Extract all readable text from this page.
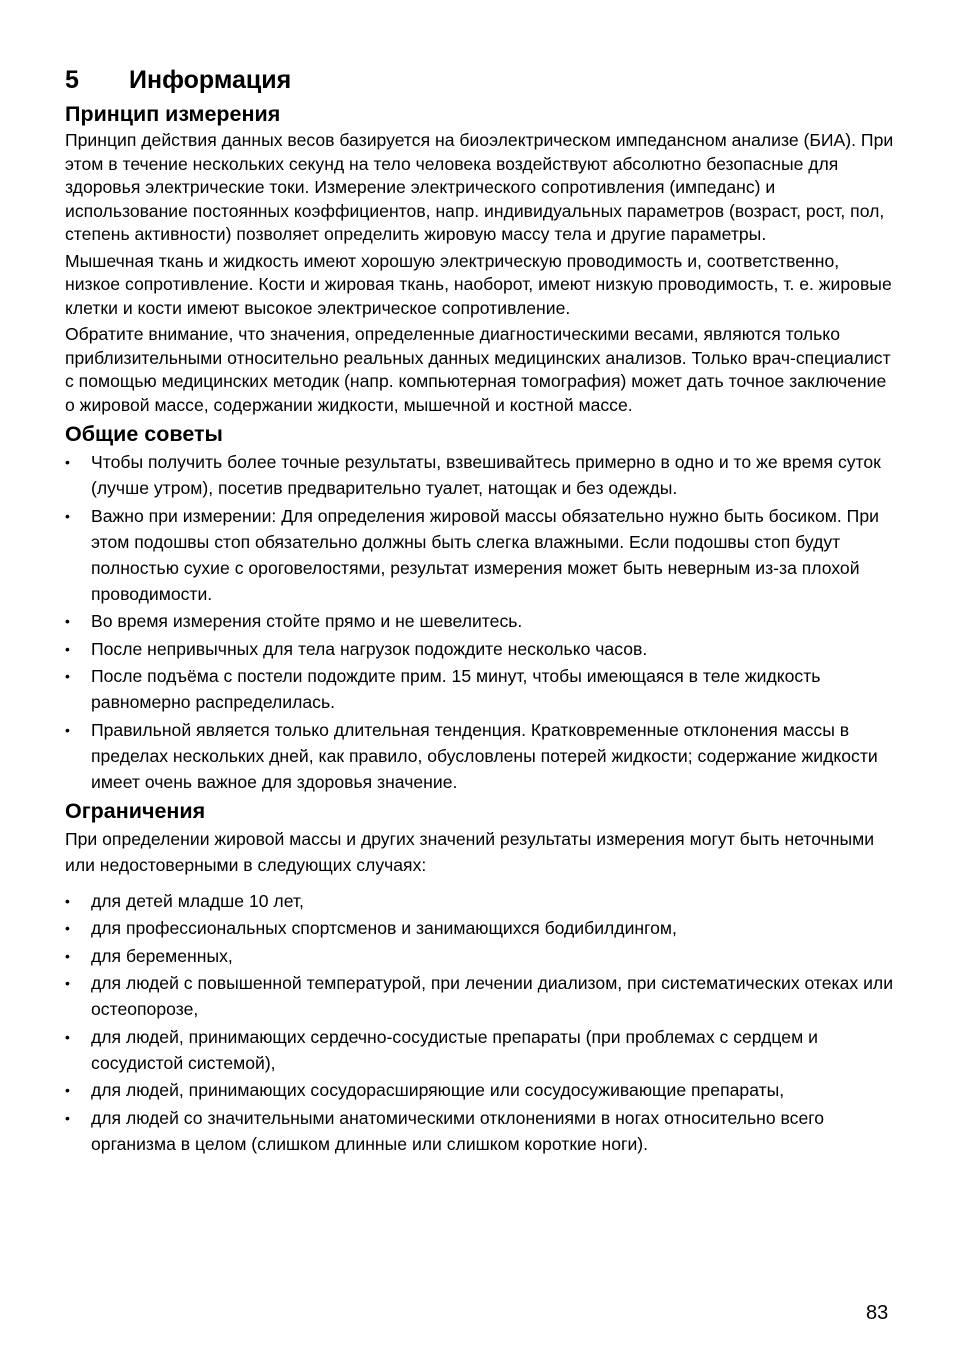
5	Информация
Принцип измерения

Принцип действия данных весов базируется на биоэлектрическом импедансном анализе (БИА). При этом в течение нескольких секунд на тело человека воздействуют абсолютно безопасные для здоровья электрические токи. Измерение электрического сопротивления (импеданс) и использование постоянных коэффициентов, напр. индивидуальных параметров (возраст, рост, пол, степень активности) позволяет определить жировую массу тела и другие параметры.

Мышечная ткань и жидкость имеют хорошую электрическую проводимость и, соответственно, низкое сопротивление. Кости и жировая ткань, наоборот, имеют низкую проводимость, т. е. жировые клетки и кости имеют высокое электрическое сопротивление.

Обратите внимание, что значения, определенные диагностическими весами, являются только приблизительными относительно реальных данных медицинских анализов. Только врач-специалист с помощью медицинских методик (напр. компьютерная томография) может дать точное заключение о жировой массе, содержании жидкости, мышечной и костной массе.

Общие советы
• Чтобы получить более точные результаты, взвешивайтесь примерно в одно и то же время суток (лучше утром), посетив предварительно туалет, натощак и без одежды.
• Важно при измерении: Для определения жировой массы обязательно нужно быть босиком. При этом подошвы стоп обязательно должны быть слегка влажными. Если подошвы стоп будут полностью сухие с ороговелостями, результат измерения может быть неверным из-за плохой проводимости.
• Во время измерения стойте прямо и не шевелитесь.
• После непривычных для тела нагрузок подождите несколько часов.
• После подъёма с постели подождите прим. 15 минут, чтобы имеющаяся в теле жидкость равномерно распределилась.
• Правильной является только длительная тенденция. Кратковременные отклонения массы в пределах нескольких дней, как правило, обусловлены потерей жидкости; содержание жидкости имеет очень важное для здоровья значение.
Ограничения

При определении жировой массы и других значений результаты измерения могут быть неточными или недостоверными в следующих случаях:

• для детей младше 10 лет,
• для профессиональных спортсменов и занимающихся бодибилдингом,
• для беременных,
• для людей с повышенной температурой, при лечении диализом, при систематических отеках или остеопорозе,
• для людей, принимающих сердечно-сосудистые препараты (при проблемах с сердцем и сосудистой системой),
• для людей, принимающих сосудорасширяющие или сосудосуживающие препараты,
• для людей со значительными анатомическими отклонениями в ногах относительно всего организма в целом (слишком длинные или слишком короткие ноги).
83
